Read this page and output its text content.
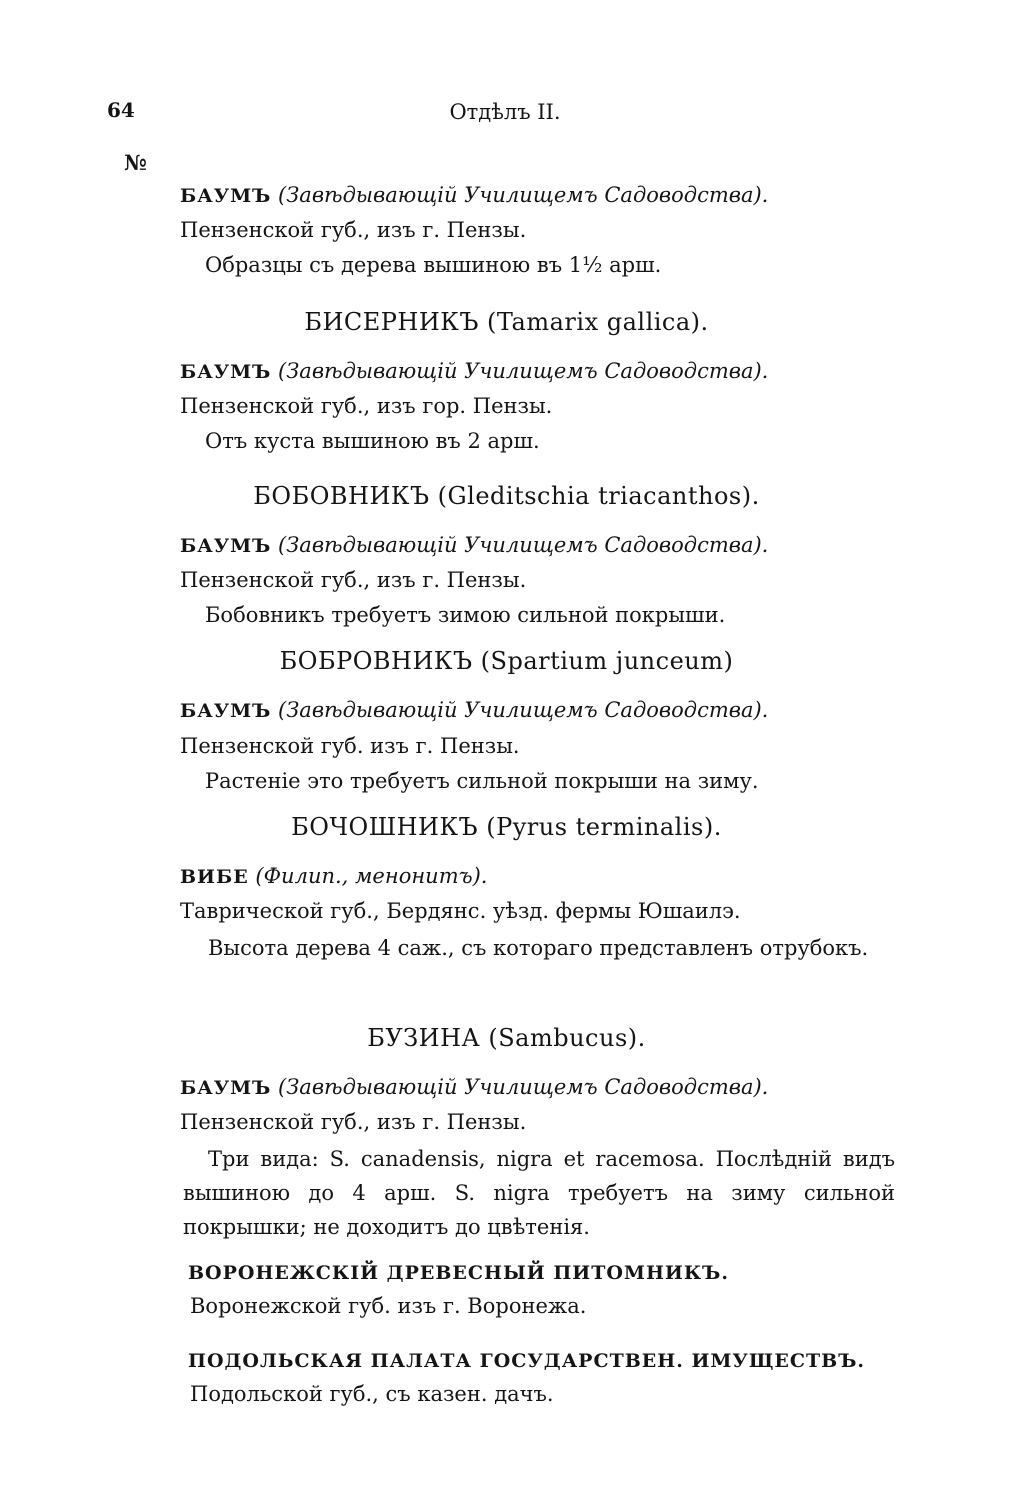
64	Отдѣлъ II.
№
БАУМЪ (Завѣдывающій Училищемъ Садоводства).
Пензенской губ., изъ г. Пензы.
Образцы съ дерева вышиною въ 1½ арш.
БИСЕРНИКЪ (Tamarix gallica).
БАУМЪ (Завѣдывающій Училищемъ Садоводства).
Пензенской губ., изъ гор. Пензы.
Отъ куста вышиною въ 2 арш.
БОБОВНИКЪ (Gleditschia triacanthos).
БАУМЪ (Завѣдывающій Училищемъ Садоводства).
Пензенской губ., изъ г. Пензы.
Бобовникъ требуетъ зимою сильной покрыши.
БОБРОВНИКЪ (Spartium junceum)
БАУМЪ (Завѣдывающій Училищемъ Садоводства).
Пензенской губ. изъ г. Пензы.
Растеніе это требуетъ сильной покрыши на зиму.
БОЧОШНИКЪ (Pyrus terminalis).
ВИБЕ (Филип., менонитъ).
Таврической губ., Бердянс. уѣзд. фермы Юшаилэ.
Высота дерева 4 саж., съ котораго представленъ отрубокъ.
БУЗИНА (Sambucus).
БАУМЪ (Завѣдывающій Училищемъ Садоводства).
Пензенской губ., изъ г. Пензы.
Три вида: S. canadensis, nigra et racemosa. Послѣдній видъ вышиною до 4 арш. S. nigra требуетъ на зиму сильной покрышки; не доходитъ до цвѣтенія.
ВОРОНЕЖСКІЙ ДРЕВЕСНЫЙ ПИТОМНИКЪ.
Воронежской губ. изъ г. Воронежа.
ПОДОЛЬСКАЯ ПАЛАТА ГОСУДАРСТВЕН. ИМУЩЕСТВЪ.
Подольской губ., съ казен. дачъ.
